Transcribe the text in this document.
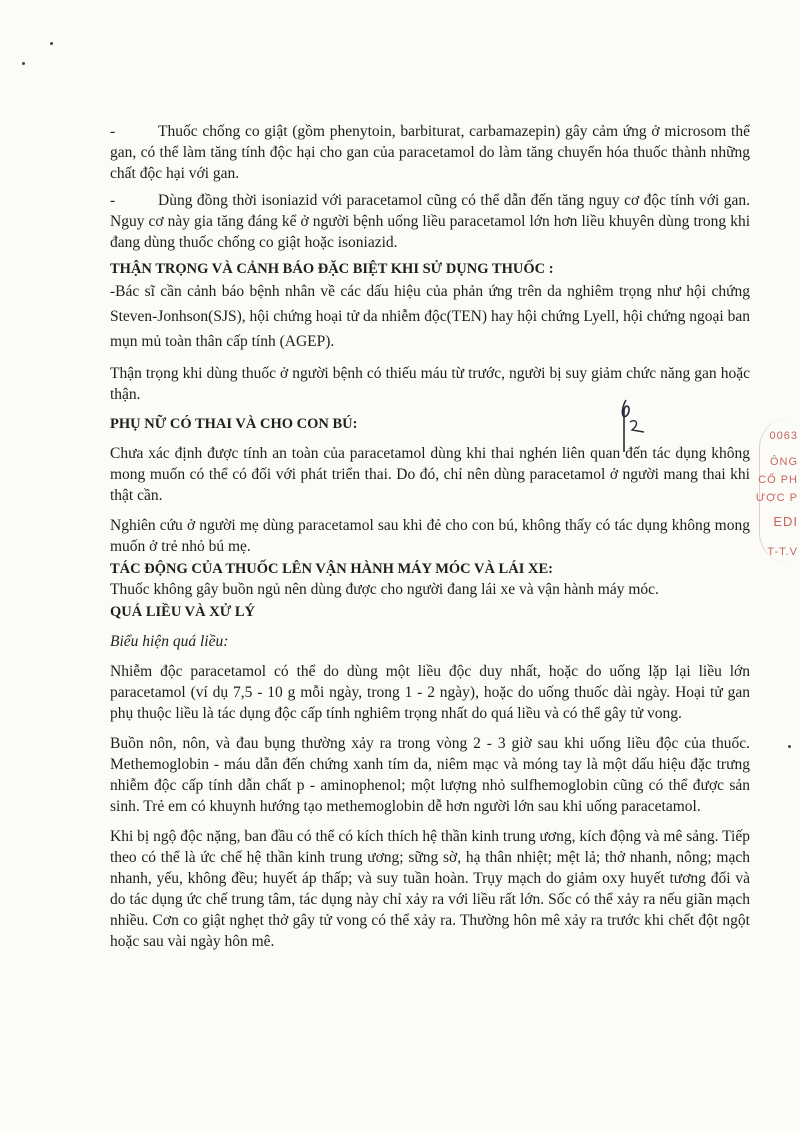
-	Thuốc chống co giật (gồm phenytoin, barbiturat, carbamazepin) gây cảm ứng ở microsom thể gan, có thể làm tăng tính độc hại cho gan của paracetamol do làm tăng chuyển hóa thuốc thành những chất độc hại với gan.

-	Dùng đồng thời isoniazid với paracetamol cũng có thể dẫn đến tăng nguy cơ độc tính với gan. Nguy cơ này gia tăng đáng kể ở người bệnh uống liều paracetamol lớn hơn liều khuyên dùng trong khi đang dùng thuốc chống co giật hoặc isoniazid.

THẬN TRỌNG VÀ CẢNH BÁO ĐẶC BIỆT KHI SỬ DỤNG THUỐC :

-Bác sĩ cần cảnh báo bệnh nhân về các dấu hiệu của phản ứng trên da nghiêm trọng như hội chứng Steven-Jonhson(SJS), hội chứng hoại tử da nhiễm độc(TEN) hay hội chứng Lyell, hội chứng ngoại ban mụn mủ toàn thân cấp tính (AGEP).

Thận trọng khi dùng thuốc ở người bệnh có thiếu máu từ trước, người bị suy giảm chức năng gan hoặc thận.

PHỤ NỮ CÓ THAI VÀ CHO CON BÚ:

Chưa xác định được tính an toàn của paracetamol dùng khi thai nghén liên quan đến tác dụng không mong muốn có thể có đối với phát triển thai. Do đó, chỉ nên dùng paracetamol ở người mang thai khi thật cần.

Nghiên cứu ở người mẹ dùng paracetamol sau khi đẻ cho con bú, không thấy có tác dụng không mong muốn ở trẻ nhỏ bú mẹ.

TÁC ĐỘNG CỦA THUỐC LÊN VẬN HÀNH MÁY MÓC VÀ LÁI XE:

Thuốc không gây buồn ngủ nên dùng được cho người đang lái xe và vận hành máy móc.

QUÁ LIỀU VÀ XỬ LÝ

Biểu hiện quá liều:

Nhiễm độc paracetamol có thể do dùng một liều độc duy nhất, hoặc do uống lặp lại liều lớn paracetamol (ví dụ 7,5 - 10 g mỗi ngày, trong 1 - 2 ngày), hoặc do uống thuốc dài ngày. Hoại tử gan phụ thuộc liều là tác dụng độc cấp tính nghiêm trọng nhất do quá liều và có thể gây tử vong.

Buồn nôn, nôn, và đau bụng thường xảy ra trong vòng 2 - 3 giờ sau khi uống liều độc của thuốc. Methemoglobin - máu dẫn đến chứng xanh tím da, niêm mạc và móng tay là một dấu hiệu đặc trưng nhiễm độc cấp tính dẫn chất p - aminophenol; một lượng nhỏ sulfhemoglobin cũng có thể được sản sinh. Trẻ em có khuynh hướng tạo methemoglobin dễ hơn người lớn sau khi uống paracetamol.

Khi bị ngộ độc nặng, ban đầu có thể có kích thích hệ thần kinh trung ương, kích động và mê sảng. Tiếp theo có thể là ức chế hệ thần kinh trung ương; sững sờ, hạ thân nhiệt; mệt lả; thở nhanh, nông; mạch nhanh, yếu, không đều; huyết áp thấp; và suy tuần hoàn. Trụy mạch do giảm oxy huyết tương đối và do tác dụng ức chế trung tâm, tác dụng này chỉ xảy ra với liều rất lớn. Sốc có thể xảy ra nếu giãn mạch nhiều. Cơn co giật nghẹt thở gây tử vong có thể xảy ra. Thường hôn mê xảy ra trước khi chết đột ngột hoặc sau vài ngày hôn mê.

0063
ÔNG
CỔ PH
ƯỢC P
EDI
T-T.V
